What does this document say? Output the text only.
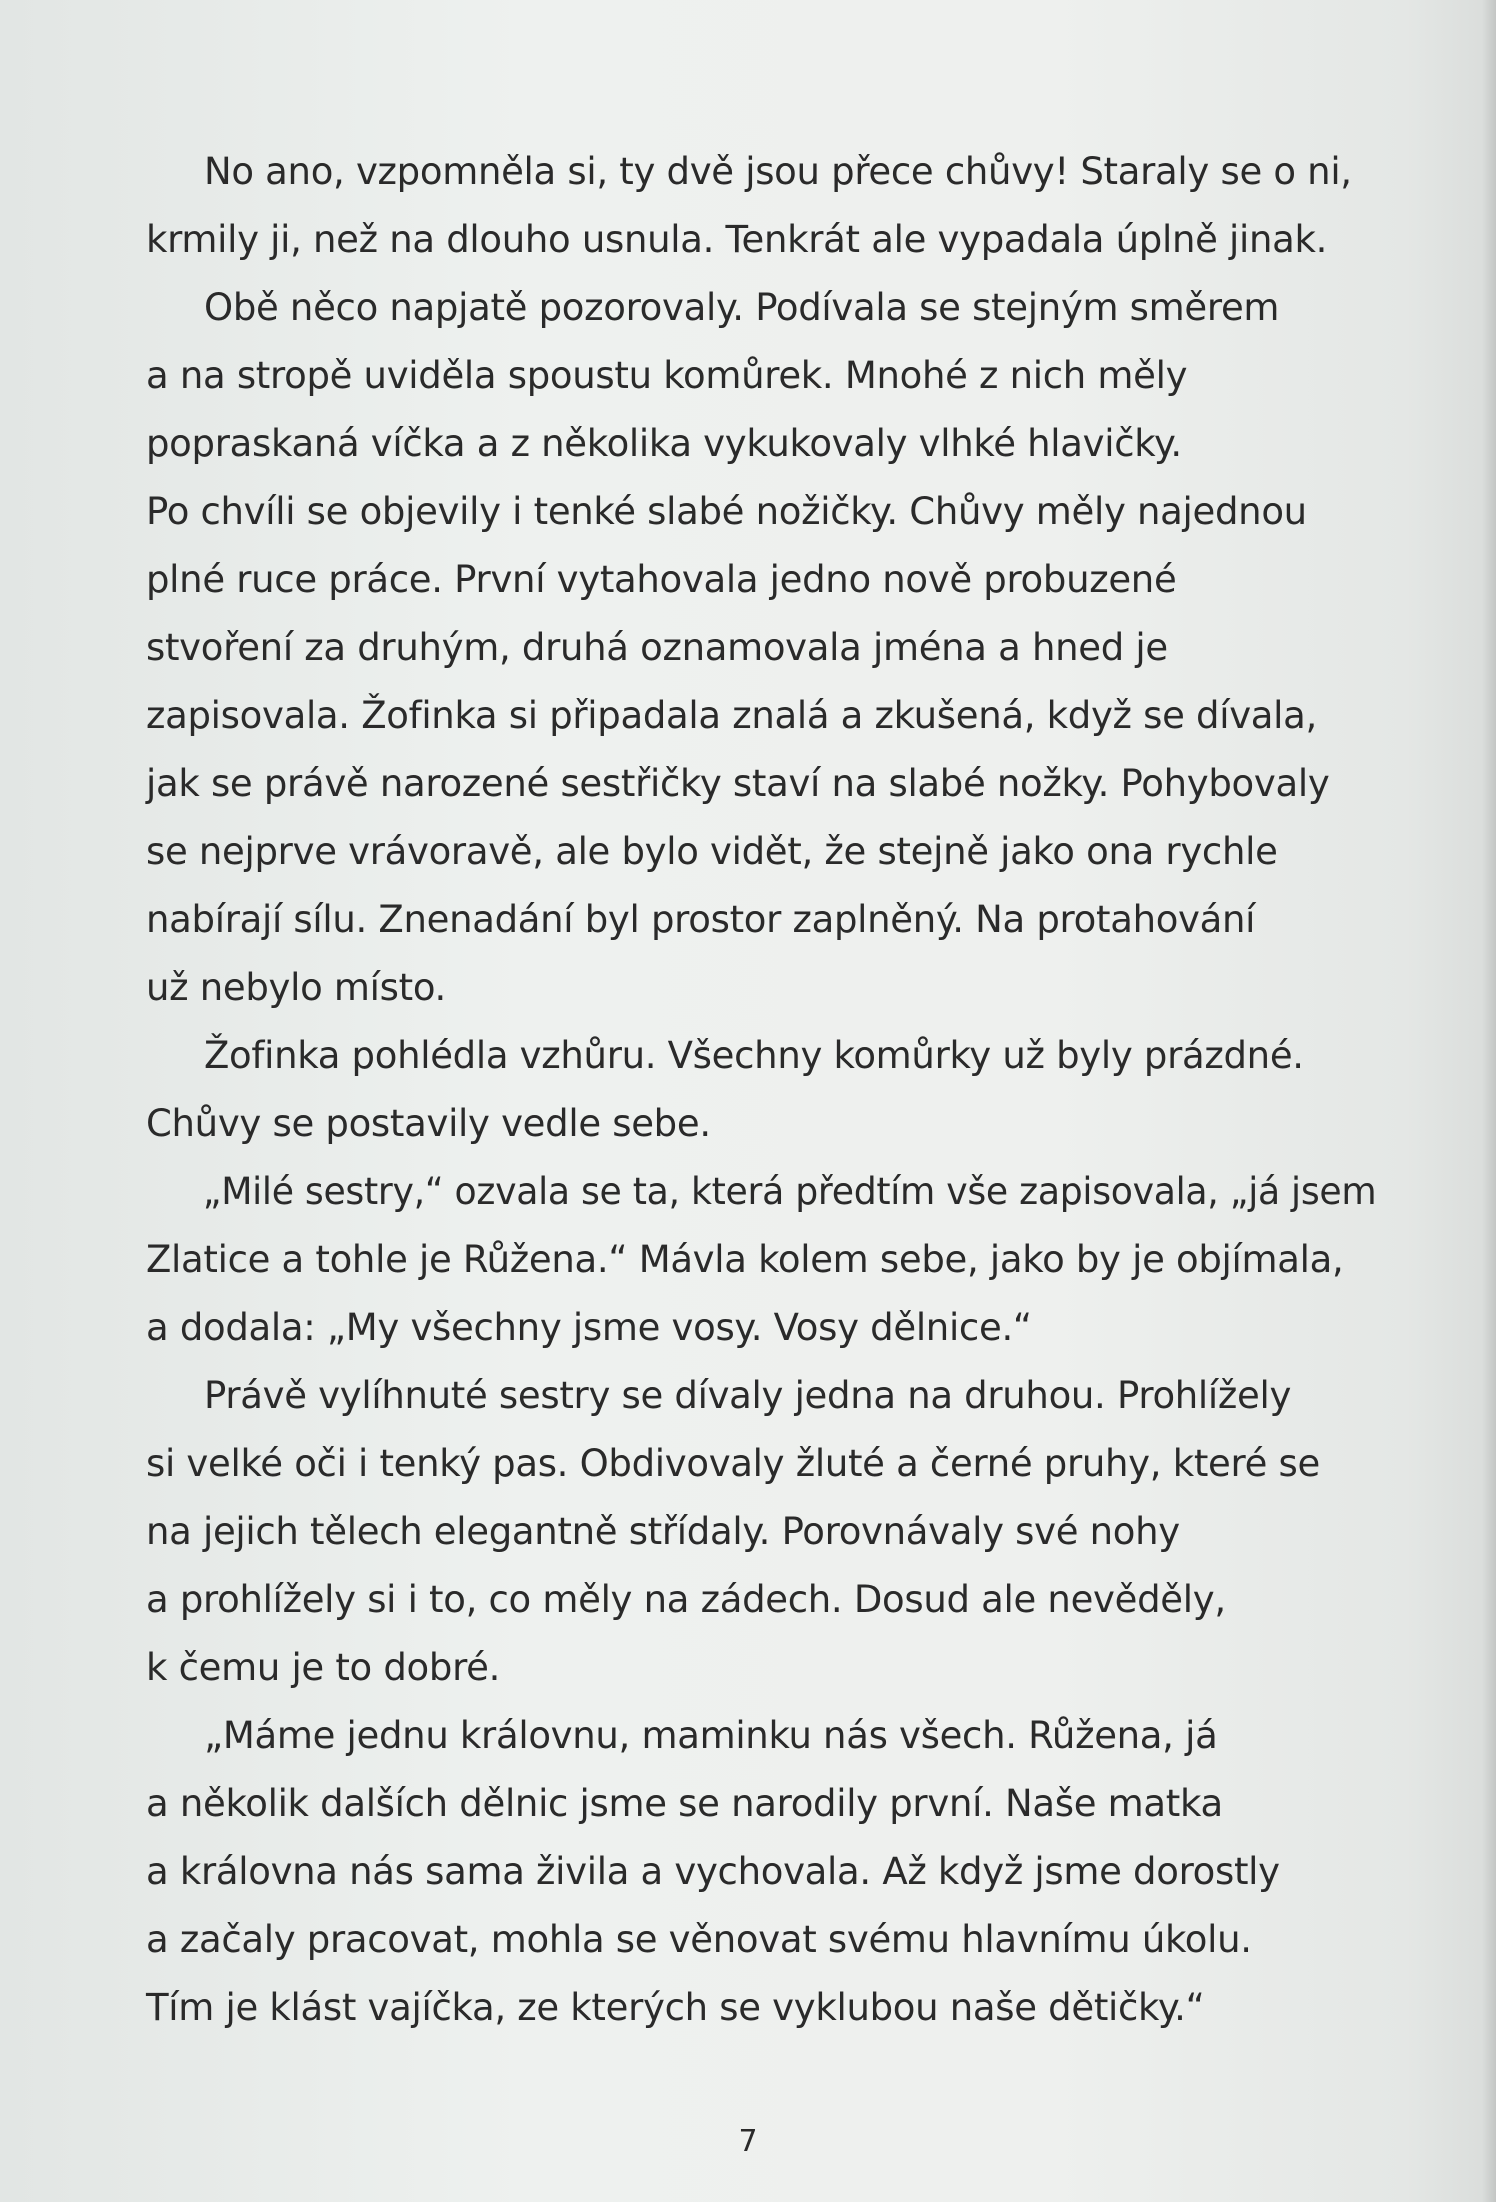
No ano, vzpomněla si, ty dvě jsou přece chůvy! Staraly se o ni,
krmily ji, než na dlouho usnula. Tenkrát ale vypadala úplně jinak.
Obě něco napjatě pozorovaly. Podívala se stejným směrem
a na stropě uviděla spoustu komůrek. Mnohé z nich měly
popraskaná víčka a z několika vykukovaly vlhké hlavičky.
Po chvíli se objevily i tenké slabé nožičky. Chůvy měly najednou
plné ruce práce. První vytahovala jedno nově probuzené
stvoření za druhým, druhá oznamovala jména a hned je
zapisovala. Žofinka si připadala znalá a zkušená, když se dívala,
jak se právě narozené sestřičky staví na slabé nožky. Pohybovaly
se nejprve vrávoravě, ale bylo vidět, že stejně jako ona rychle
nabírají sílu. Znenadání byl prostor zaplněný. Na protahování
už nebylo místo.
Žofinka pohlédla vzhůru. Všechny komůrky už byly prázdné.
Chůvy se postavily vedle sebe.
„Milé sestry,“ ozvala se ta, která předtím vše zapisovala, „já jsem
Zlatice a tohle je Růžena.“ Mávla kolem sebe, jako by je objímala,
a dodala: „My všechny jsme vosy. Vosy dělnice.“
Právě vylíhnuté sestry se dívaly jedna na druhou. Prohlížely
si velké oči i tenký pas. Obdivovaly žluté a černé pruhy, které se
na jejich tělech elegantně střídaly. Porovnávaly své nohy
a prohlížely si i to, co měly na zádech. Dosud ale nevěděly,
k čemu je to dobré.
„Máme jednu královnu, maminku nás všech. Růžena, já
a několik dalších dělnic jsme se narodily první. Naše matka
a královna nás sama živila a vychovala. Až když jsme dorostly
a začaly pracovat, mohla se věnovat svému hlavnímu úkolu.
Tím je klást vajíčka, ze kterých se vyklubou naše dětičky.“
7
